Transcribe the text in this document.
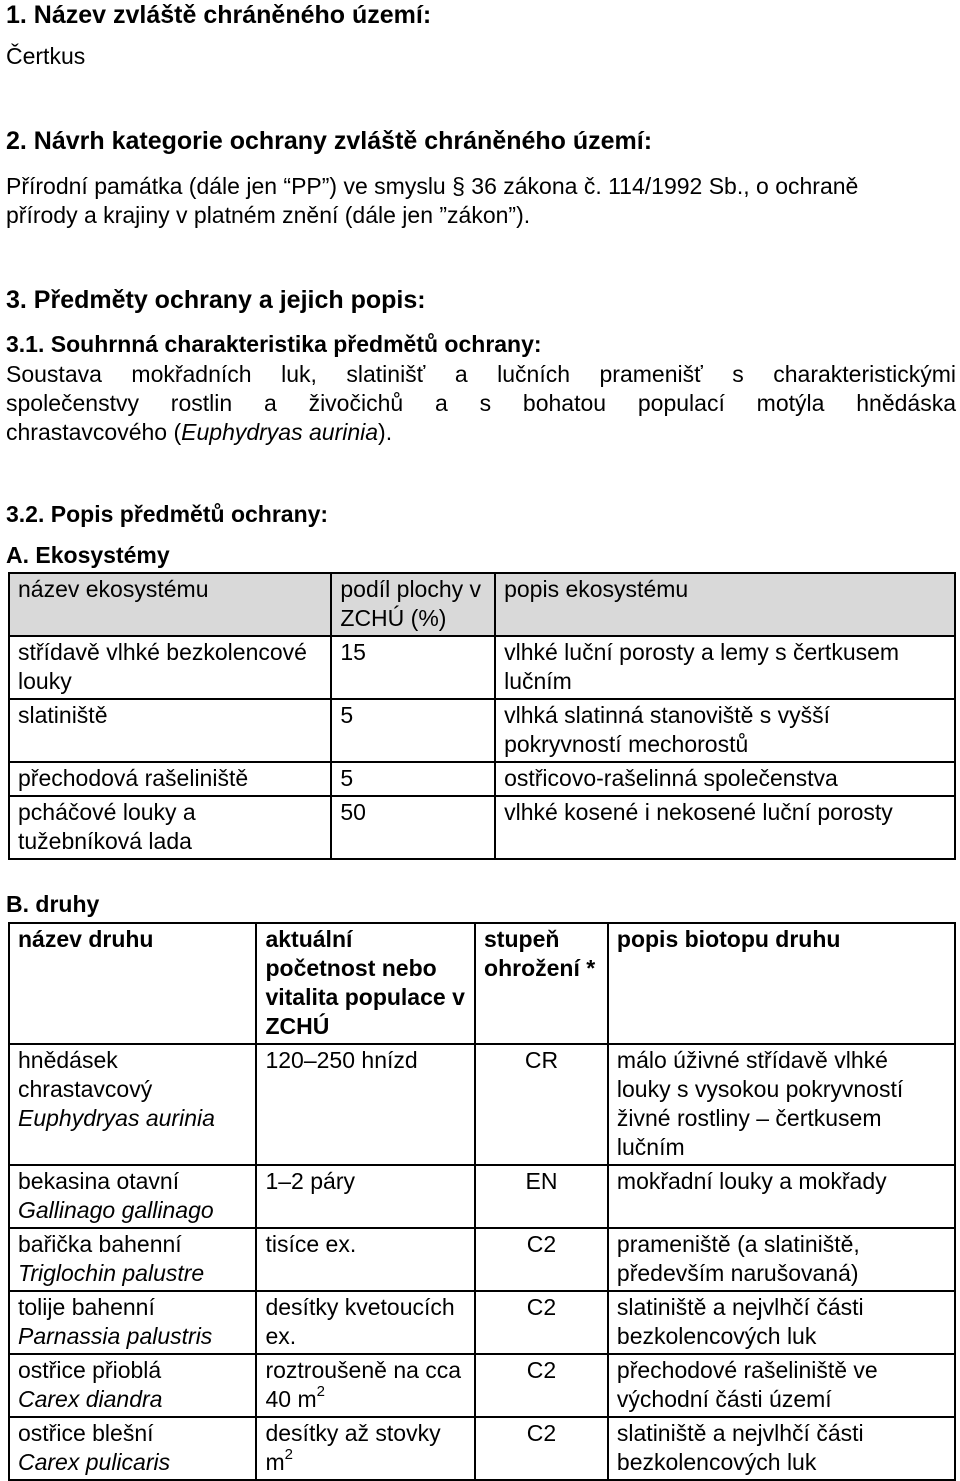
1. Název zvláště chráněného území:
Čertkus
2. Návrh kategorie ochrany zvláště chráněného území:
Přírodní památka (dále jen “PP”) ve smyslu § 36 zákona č. 114/1992 Sb., o ochraně
přírody a krajiny v platném znění (dále jen ”zákon”).
3. Předměty ochrany a jejich popis:
3.1. Souhrnná charakteristika předmětů ochrany:
Soustava mokřadních luk, slatinišť a lučních pramenišť s charakteristickými
společenstvy rostlin a živočichů a s bohatou populací motýla hnědáska
chrastavcového (Euphydryas aurinia).
3.2. Popis předmětů ochrany:
A. Ekosystémy
název ekosystému	podíl plochy v ZCHÚ (%)	popis ekosystému
střídavě vlhké bezkolencové louky	15	vlhké luční porosty a lemy s čertkusem lučním
slatiniště	5	vlhká slatinná stanoviště s vyšší pokryvností mechorostů
přechodová rašeliniště	5	ostřicovo-rašelinná společenstva
pcháčové louky a tužebníková lada	50	vlhké kosené i nekosené luční porosty
B. druhy
název druhu	aktuální početnost nebo vitalita populace v ZCHÚ	stupeň ohrožení *	popis biotopu druhu

hnědásek chrastavcový
Euphydryas aurinia	120–250 hnízd	CR	málo úživné střídavě vlhké louky s vysokou pokryvností živné rostliny – čertkusem lučním

bekasina otavní
Gallinago gallinago	1–2 páry	EN	mokřadní louky a mokřady

bařička bahenní
Triglochin palustre	tisíce ex.	C2	prameniště (a slatiniště, především narušovaná)

tolije bahenní
Parnassia palustris	desítky kvetoucích ex.	C2	slatiniště a nejvlhčí části bezkolencových luk

ostřice přioblá
Carex diandra	roztroušeně na cca 40 $m^2$	C2	přechodové rašeliniště ve východní části území

ostřice blešní
Carex pulicaris	desítky až stovky $m^2$	C2	slatiniště a nejvlhčí části bezkolencových luk
